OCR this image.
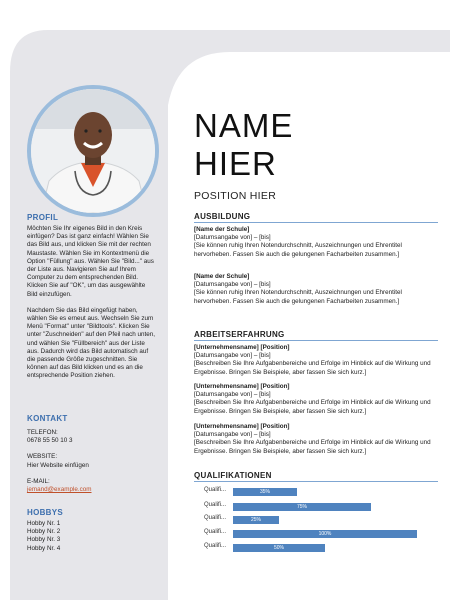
PROFIL

Möchten Sie Ihr eigenes Bild in den Kreis einfügen? Das ist ganz einfach! Wählen Sie das Bild aus, und klicken Sie mit der rechten Maustaste. Wählen Sie im Kontextmenü die Option "Füllung" aus. Wählen Sie "Bild..." aus der Liste aus. Navigieren Sie auf Ihrem Computer zu dem entsprechenden Bild. Klicken Sie auf "OK", um das ausgewählte Bild einzufügen.

Nachdem Sie das Bild eingefügt haben, wählen Sie es erneut aus. Wechseln Sie zum Menü "Format" unter "Bildtools". Klicken Sie unter "Zuschneiden" auf den Pfeil nach unten, und wählen Sie "Füllbereich" aus der Liste aus. Dadurch wird das Bild automatisch auf die passende Größe zugeschnitten. Sie können auf das Bild klicken und es an die entsprechende Position ziehen.

KONTAKT

TELEFON:

0678 55 50 10 3

WEBSITE:

Hier Website einfügen

E-MAIL:

jemand@example.com

HOBBYS

Hobby Nr. 1

Hobby Nr. 2

Hobby Nr. 3

Hobby Nr. 4

NAME
HIER
POSITION HIER
AUSBILDUNG

[Name der Schule]

[Datumsangabe von] – [bis]

[Sie können ruhig Ihren Notendurchschnitt, Auszeichnungen und Ehrentitel hervorheben. Fassen Sie auch die gelungenen Facharbeiten zusammen.]

[Name der Schule]

[Datumsangabe von] – [bis]

[Sie können ruhig Ihren Notendurchschnitt, Auszeichnungen und Ehrentitel hervorheben. Fassen Sie auch die gelungenen Facharbeiten zusammen.]

ARBEITSERFAHRUNG

[Unternehmensname] [Position]

[Datumsangabe von] – [bis]

[Beschreiben Sie Ihre Aufgabenbereiche und Erfolge im Hinblick auf die Wirkung und Ergebnisse. Bringen Sie Beispiele, aber fassen Sie sich kurz.]

[Unternehmensname] [Position]

[Datumsangabe von] – [bis]

[Beschreiben Sie Ihre Aufgabenbereiche und Erfolge im Hinblick auf die Wirkung und Ergebnisse. Bringen Sie Beispiele, aber fassen Sie sich kurz.]

[Unternehmensname] [Position]

[Datumsangabe von] – [bis]

[Beschreiben Sie Ihre Aufgabenbereiche und Erfolge im Hinblick auf die Wirkung und Ergebnisse. Bringen Sie Beispiele, aber fassen Sie sich kurz.]

QUALIFIKATIONEN
Qualifi...	35%
Qualifi...	75%
Qualifi...	25%
Qualifi...	100%
Qualifi...	50%
